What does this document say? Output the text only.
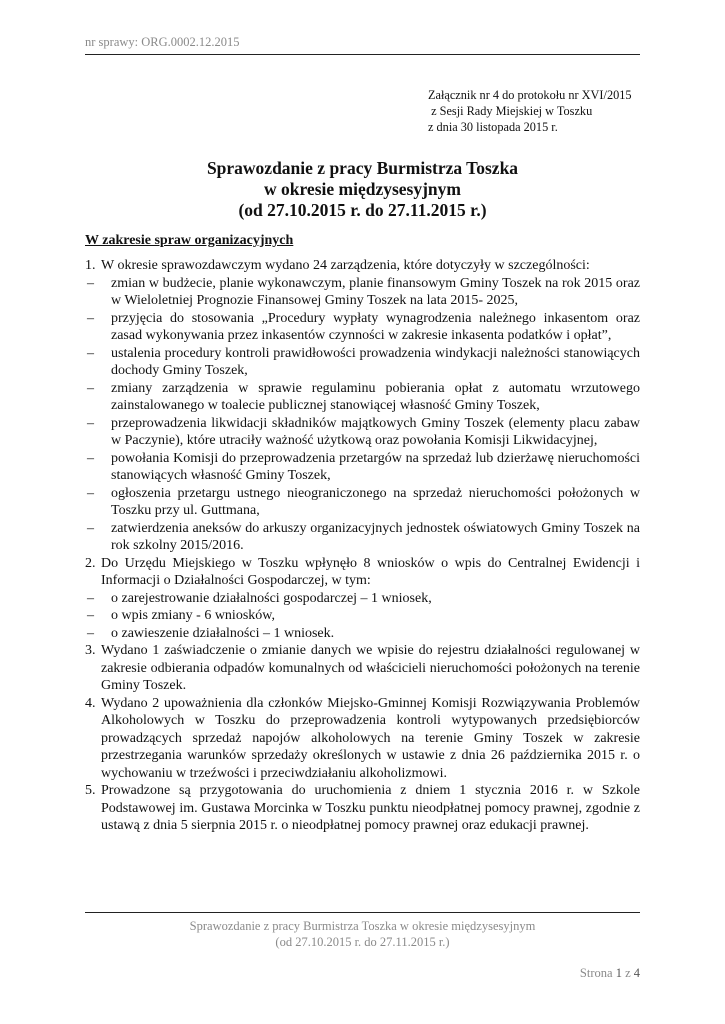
nr sprawy: ORG.0002.12.2015
Załącznik nr 4 do protokołu nr XVI/2015
z Sesji Rady Miejskiej w Toszku
z dnia 30 listopada 2015 r.
Sprawozdanie z pracy Burmistrza Toszka
w okresie międzysesyjnym
(od 27.10.2015 r. do 27.11.2015 r.)
W zakresie spraw organizacyjnych
1. W okresie sprawozdawczym wydano 24 zarządzenia, które dotyczyły w szczególności:
–	zmian w budżecie, planie wykonawczym, planie finansowym Gminy Toszek na rok 2015 oraz w Wieloletniej Prognozie Finansowej Gminy Toszek na lata 2015- 2025,
–	przyjęcia do stosowania „Procedury wypłaty wynagrodzenia należnego inkasentom oraz zasad wykonywania przez inkasentów czynności w zakresie inkasenta podatków i opłat”,
–	ustalenia procedury kontroli prawidłowości prowadzenia windykacji należności stanowiących dochody Gminy Toszek,
–	zmiany zarządzenia w sprawie regulaminu pobierania opłat z automatu wrzutowego zainstalowanego w toalecie publicznej stanowiącej własność Gminy Toszek,
–	przeprowadzenia likwidacji składników majątkowych Gminy Toszek (elementy placu zabaw w Paczynie), które utraciły ważność użytkową oraz powołania Komisji Likwidacyjnej,
–	powołania Komisji do przeprowadzenia przetargów na sprzedaż lub dzierżawę nieruchomości stanowiących własność Gminy Toszek,
–	ogłoszenia przetargu ustnego nieograniczonego na sprzedaż nieruchomości położonych w Toszku przy ul. Guttmana,
–	zatwierdzenia aneksów do arkuszy organizacyjnych jednostek oświatowych Gminy Toszek na rok szkolny 2015/2016.
2. Do Urzędu Miejskiego w Toszku wpłynęło 8 wniosków o wpis do Centralnej Ewidencji i Informacji o Działalności Gospodarczej, w tym:
–	o zarejestrowanie działalności gospodarczej – 1 wniosek,
–	o wpis zmiany - 6 wniosków,
–	o zawieszenie działalności – 1 wniosek.
3. Wydano 1 zaświadczenie o zmianie danych we wpisie do rejestru działalności regulowanej w zakresie odbierania odpadów komunalnych od właścicieli nieruchomości położonych na terenie Gminy Toszek.
4. Wydano 2 upoważnienia dla członków Miejsko-Gminnej Komisji Rozwiązywania Problemów Alkoholowych w Toszku do przeprowadzenia kontroli wytypowanych przedsiębiorców prowadzących sprzedaż napojów alkoholowych na terenie Gminy Toszek w zakresie przestrzegania warunków sprzedaży określonych w ustawie z dnia 26 października 2015 r. o wychowaniu w trzeźwości i przeciwdziałaniu alkoholizmowi.
5. Prowadzone są przygotowania do uruchomienia z dniem 1 stycznia 2016 r. w Szkole Podstawowej im. Gustawa Morcinka w Toszku punktu nieodpłatnej pomocy prawnej, zgodnie z ustawą z dnia 5 sierpnia 2015 r. o nieodpłatnej pomocy prawnej oraz edukacji prawnej.
Sprawozdanie z pracy Burmistrza Toszka w okresie międzysesyjnym
(od 27.10.2015 r. do 27.11.2015 r.)
Strona 1 z 4
